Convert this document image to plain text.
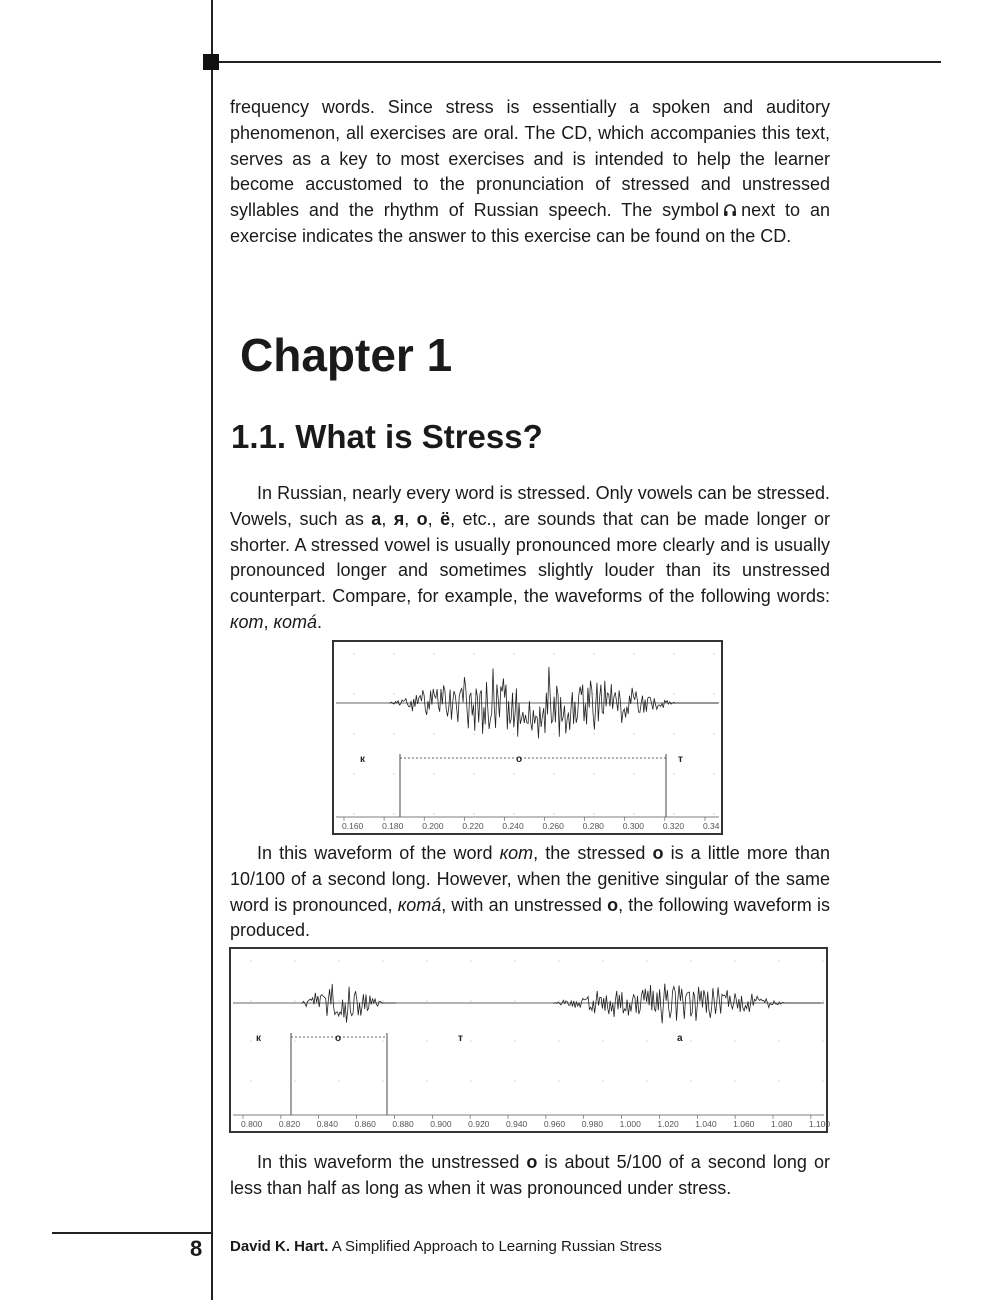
frequency words. Since stress is essentially a spoken and auditory phenomenon, all exercises are oral. The CD, which accompanies this text, serves as a key to most exercises and is intended to help the learner become accustomed to the pronunciation of stressed and unstressed syllables and the rhythm of Russian speech. The symbol next to an exercise indicates the answer to this exercise can be found on the CD.

Chapter 1
1.1. What is Stress?

In Russian, nearly every word is stressed. Only vowels can be stressed. Vowels, such as а, я, о, ё, etc., are sounds that can be made longer or shorter. A stressed vowel is usually pronounced more clearly and is usually pronounced longer and sometimes slightly louder than its unstressed counterpart. Compare, for example, the waveforms of the following words: кот, котá.

к	о	т
0.160 0.180 0.200 0.220 0.240 0.260 0.280 0.300 0.320 0.34

In this waveform of the word кот, the stressed о is a little more than 10/100 of a second long. However, when the genitive singular of the same word is pronounced, котá, with an unstressed о, the following waveform is produced.

к	о	т	а
0.800 0.820 0.840 0.860 0.880 0.900 0.920 0.940 0.960 0.980 1.000 1.020 1.040 1.060 1.080 1.100

In this waveform the unstressed о is about 5/100 of a second long or less than half as long as when it was pronounced under stress.

8 David K. Hart. A Simplified Approach to Learning Russian Stress
